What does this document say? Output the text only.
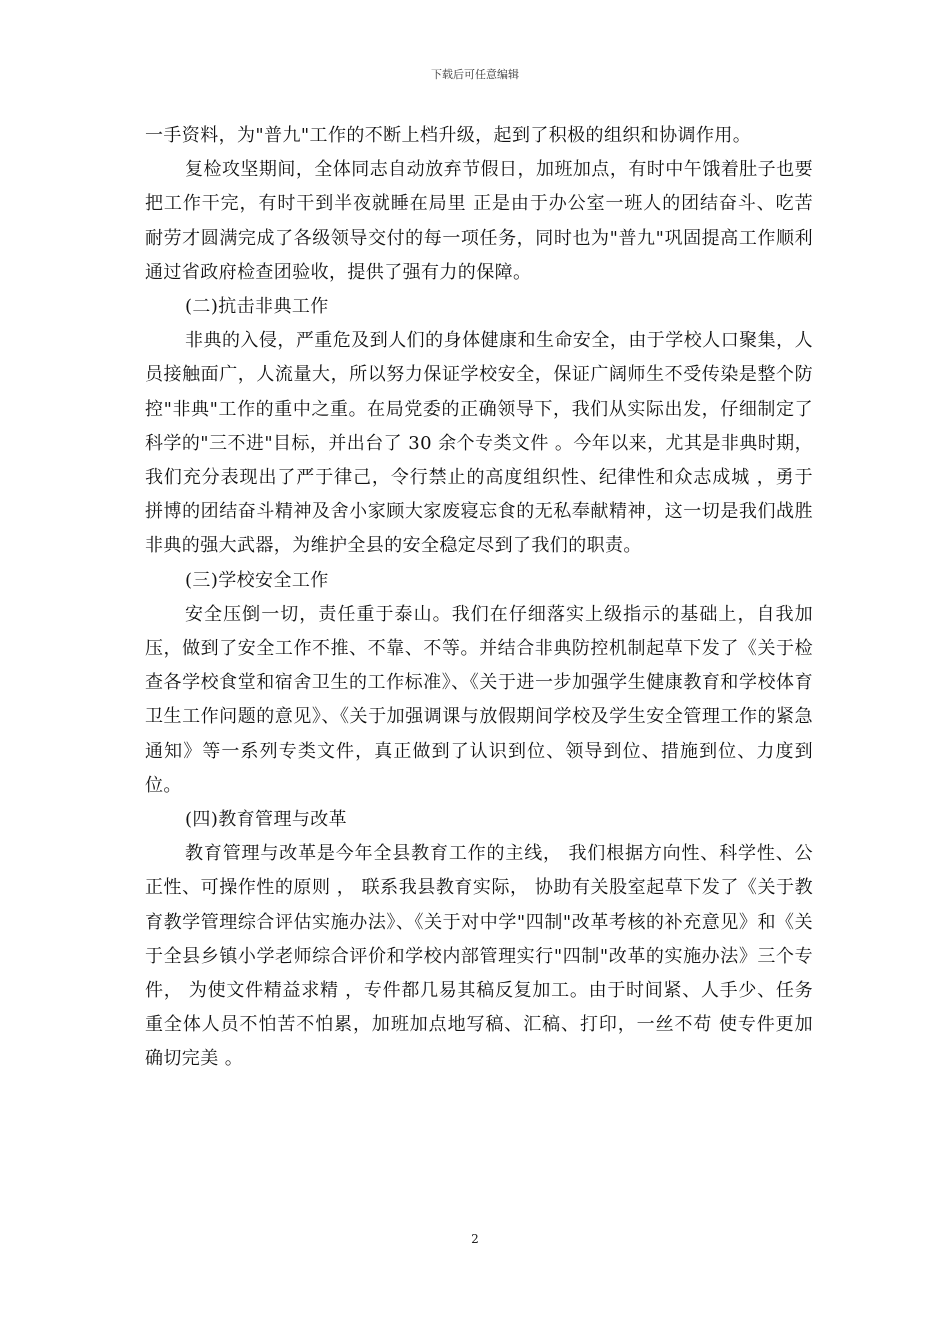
下载后可任意编辑

一手资料，为"普九"工作的不断上档升级，起到了积极的组织和协调作用。

复检攻坚期间，全体同志自动放弃节假日，加班加点，有时中午饿着肚子也要把工作干完，有时干到半夜就睡在局里 正是由于办公室一班人的团结奋斗、吃苦耐劳才圆满完成了各级领导交付的每一项任务，同时也为"普九"巩固提高工作顺利通过省政府检查团验收，提供了强有力的保障。

(二)抗击非典工作

非典的入侵，严重危及到人们的身体健康和生命安全，由于学校人口聚集，人员接触面广，人流量大，所以努力保证学校安全，保证广阔师生不受传染是整个防控"非典"工作的重中之重。在局党委的正确领导下，我们从实际出发，仔细制定了科学的"三不进"目标，并出台了 30 余个专类文件 。今年以来，尤其是非典时期，我们充分表现出了严于律己，令行禁止的高度组织性、纪律性和众志成城 ，勇于拼博的团结奋斗精神及舍小家顾大家废寝忘食的无私奉献精神，这一切是我们战胜非典的强大武器，为维护全县的安全稳定尽到了我们的职责。

(三)学校安全工作

安全压倒一切，责任重于泰山。我们在仔细落实上级指示的基础上，自我加压，做到了安全工作不推、不靠、不等。并结合非典防控机制起草下发了《关于检查各学校食堂和宿舍卫生的工作标准》、《关于进一步加强学生健康教育和学校体育卫生工作问题的意见》、《关于加强调课与放假期间学校及学生安全管理工作的紧急通知》等一系列专类文件，真正做到了认识到位、领导到位、措施到位、力度到位。

(四)教育管理与改革

教育管理与改革是今年全县教育工作的主线， 我们根据方向性、科学性、公正性、可操作性的原则 ， 联系我县教育实际， 协助有关股室起草下发了《关于教育教学管理综合评估实施办法》、《关于对中学"四制"改革考核的补充意见》和《关于全县乡镇小学老师综合评价和学校内部管理实行"四制"改革的实施办法》三个专件， 为使文件精益求精 ，专件都几易其稿反复加工。由于时间紧、人手少、任务重全体人员不怕苦不怕累，加班加点地写稿、汇稿、打印，一丝不苟 使专件更加确切完美 。

2
